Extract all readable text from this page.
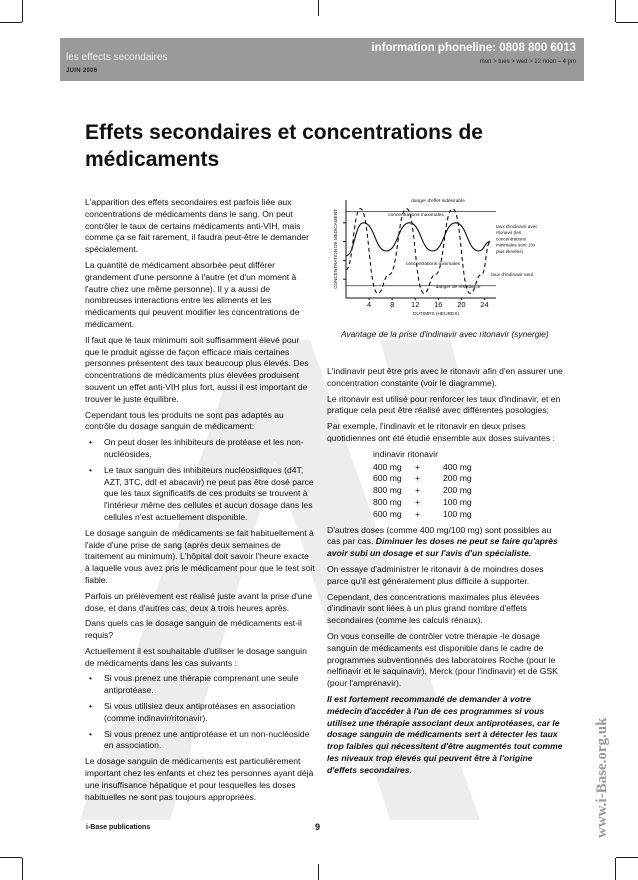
les effects secondaires
JUIN 2006
information phoneline: 0808 800 6013
mon > tues > wed > 12 noon – 4 pm
www.i-Base.org.uk
Effets secondaires et concentrations de médicaments

L'apparition des effets secondaires est parfois liée aux concentrations de médicaments dans le sang. On peut contrôler le taux de certains médicaments anti-VIH, mais comme ça se fait rarement, il faudra peut-être le demander spécialement.

La quantité de médicament absorbée peut différer grandement d'une personne à l'autre (et d'un moment à l'autre chez une même personne). Il y a aussi de nombreuses interactions entre les aliments et les médicaments qui peuvent modifier les concentrations de médicament.

Il faut que le taux minimum soit suffisamment élevé pour que le produit agisse de façon efficace mais certaines personnes présentent des taux beaucoup plus élevés. Des concentrations de médicaments plus élevées produisent souvent un effet anti-VIH plus fort, aussi il est important de trouver le juste équilibre.

Cependant tous les produits ne sont pas adaptés au contrôle du dosage sanguin de médicament:

• On peut doser les inhibiteurs de protéase et les non-nucléosides.
• Le taux sanguin des inhibiteurs nucléosidiques (d4T, AZT, 3TC, ddI et abacavir) ne peut pas être dosé parce que les taux significatifs de ces produits se trouvent à l'intérieur même des cellules et aucun dosage dans les cellules n'est actuellement disponible.

Le dosage sanguin de médicaments se fait habituellement à l'aide d'une prise de sang (après deux semaines de traitement au minimum). L'hôpital doit savoir l'heure exacte à laquelle vous avez pris le médicament pour que le test soit fiable.

Parfois un prélèvement est réalisé juste avant la prise d'une dose, et dans d'autres cas, deux à trois heures après.

Dans quels cas le dosage sanguin de médicaments est-il requis?

Actuellement il est souhaitable d'utiliser le dosage sanguin de médicaments dans les cas suivants :

• Si vous prenez une thérapie comprenant une seule antiprotéase.
• Si vous utilisiez deux antiprotéases en association (comme indinavir/ritonavir).
• Si vous prenez une antiprotéase et un non-nucléoside en association.

Le dosage sanguin de médicaments est particulièrement important chez les enfants et chez les personnes ayant déjà une insuffisance hépatique et pour lesquelles les doses habituelles ne sont pas toujours appropriées.

4	8 12 16 20 24
DUTIMPS (HEURES)
CONCENTRATION DE MEDICAMENT
danger d'effet indésirable
concentrations maximales
concentrations minimales
danger de résistance
taux d'indinavir avec ritonavir (les concentrations minimales sont 10x plus élevées)
taux d'indinavir seul
Avantage de la prise d'indinavir avec ritonavir (synergie)

L'indinavir peut être pris avec le ritonavir afin d'en assurer une concentration constante (voir le diagramme).

Le ritonavir est utilisé pour renforcer les taux d'indinavir, et en pratique cela peut être réalisé avec différentes posologies;

Par exemple, l'indinavir et le ritonavir en deux prises quotidiennes ont été étudié ensemble aux doses suivantes :

indinavir ritonavir
400 mg	+	400 mg
600 mg	+	200 mg
800 mg	+	200 mg
800 mg	+	100 mg
600 mg	+	100 mg

D'autres doses (comme 400 mg/100 mg) sont possibles au cas par cas. Diminuer les doses ne peut se faire qu'après avoir subi un dosage et sur l'avis d'un spécialiste.

On essaye d'administrer le ritonavir à de moindres doses parce qu'il est généralement plus difficile à supporter.

Cependant, des concentrations maximales plus élevées d'indinavir sont liées à un plus grand nombre d'effets secondaires (comme les calculs rénaux).

On vous conseille de contrôler votre thérapie -le dosage sanguin de médicaments est disponible dans le cadre de programmes subventionnés des laboratoires Roche (pour le nelfinavir et le saquinavir), Merck (pour l'indinavir) et de GSK (pour l'amprénavir).

Il est fortement recommandé de demander à votre médecin d'accéder à l'un de ces programmes si vous utilisez une thérapie associant deux antiprotéases, car le dosage sanguin de médicaments sert à détecter les taux trop faibles qui nécessitent d'être augmentés tout comme les niveaux trop élevés qui peuvent être à l'origine d'effets secondaires.

i-Base publications	9
